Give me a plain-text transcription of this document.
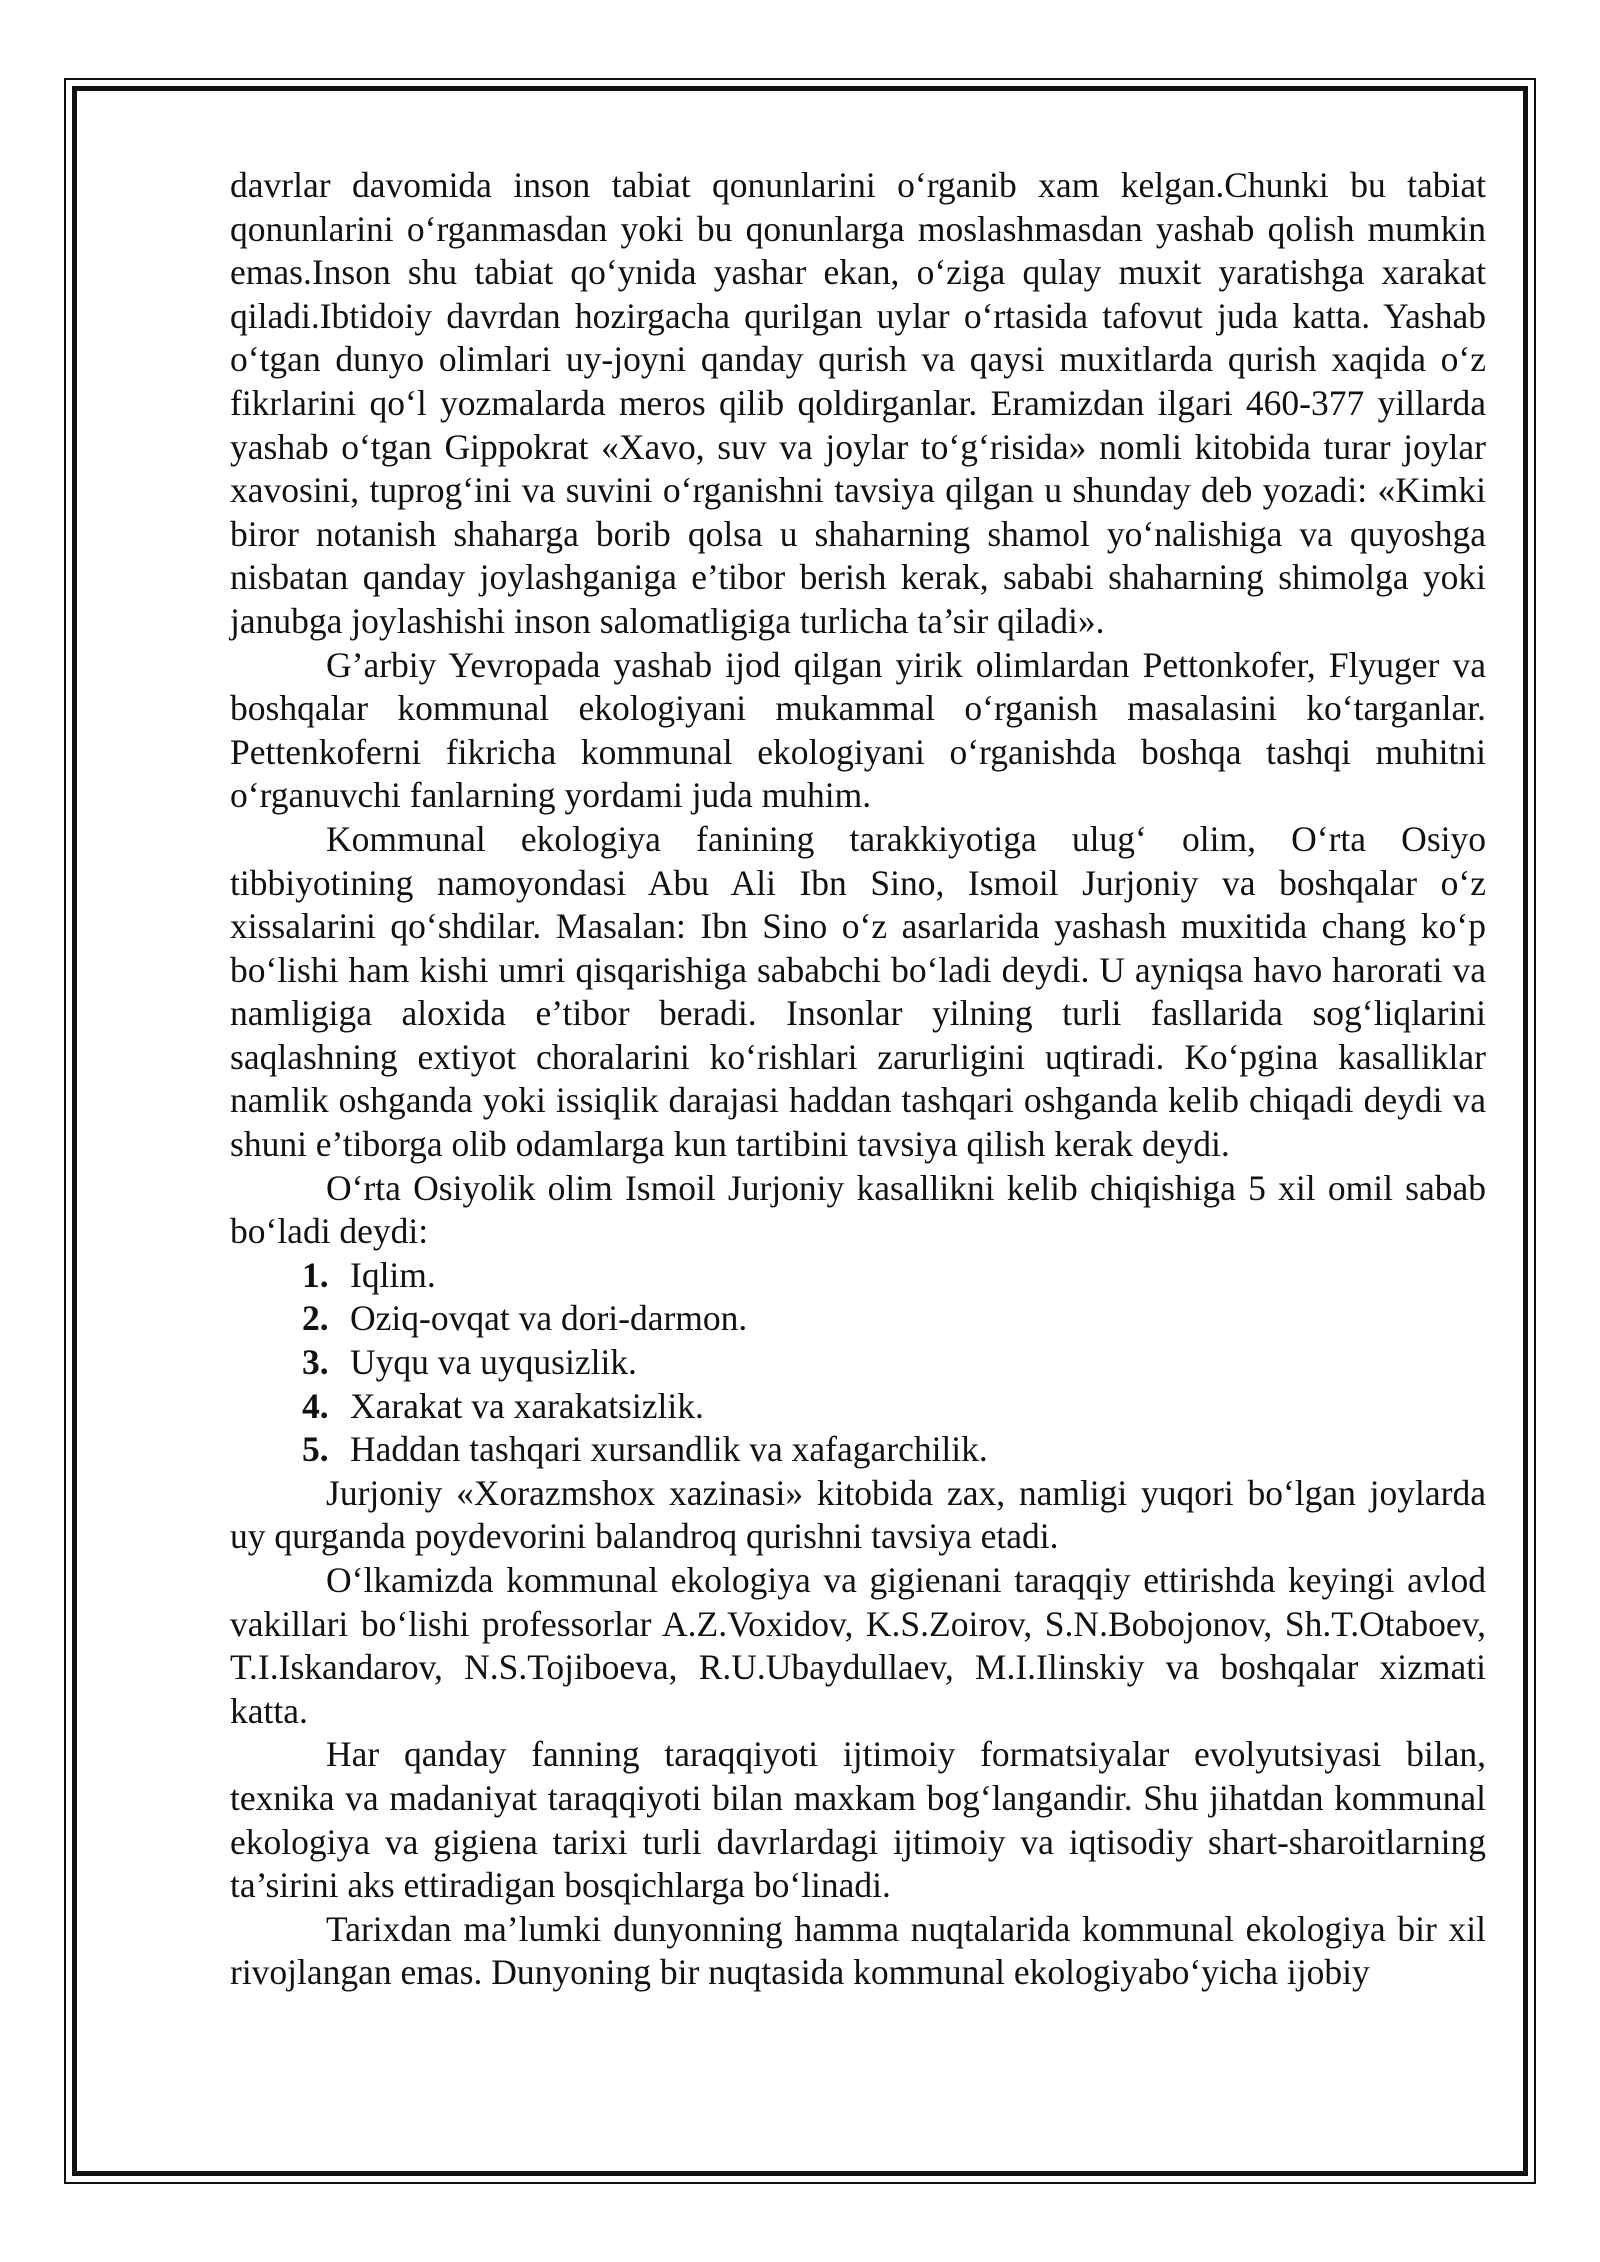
davrlar davomida inson tabiat qonunlarini o‘rganib xam kelgan.Chunki bu tabiat qonunlarini o‘rganmasdan yoki bu qonunlarga moslashmasdan yashab qolish mumkin emas.Inson shu tabiat qo‘ynida yashar ekan, o‘ziga qulay muxit yaratishga xarakat qiladi.Ibtidoiy davrdan hozirgacha qurilgan uylar o‘rtasida tafovut juda katta. Yashab o‘tgan dunyo olimlari uy-joyni qanday qurish va qaysi muxitlarda qurish xaqida o‘z fikrlarini qo‘l yozmalarda meros qilib qoldirganlar. Eramizdan ilgari 460-377 yillarda yashab o‘tgan Gippokrat «Xavo, suv va joylar to‘g‘risida» nomli kitobida turar joylar xavosini, tuprog‘ini va suvini o‘rganishni tavsiya qilgan u shunday deb yozadi: «Kimki biror notanish shaharga borib qolsa u shaharning shamol yo‘nalishiga va quyoshga nisbatan qanday joylashganiga e’tibor berish kerak, sababi shaharning shimolga yoki janubga joylashishi inson salomatligiga turlicha ta’sir qiladi».

G’arbiy Yevropada yashab ijod qilgan yirik olimlardan Pettonkofer, Flyuger va boshqalar kommunal ekologiyani mukammal o‘rganish masalasini ko‘targanlar. Pettenkoferni fikricha kommunal ekologiyani o‘rganishda boshqa tashqi muhitni o‘rganuvchi fanlarning yordami juda muhim.

Kommunal ekologiya fanining tarakkiyotiga ulug‘ olim, O‘rta Osiyo tibbiyotining namoyondasi Abu Ali Ibn Sino, Ismoil Jurjoniy va boshqalar o‘z xissalarini qo‘shdilar. Masalan: Ibn Sino o‘z asarlarida yashash muxitida chang ko‘p bo‘lishi ham kishi umri qisqarishiga sababchi bo‘ladi deydi. U ayniqsa havo harorati va namligiga aloxida e’tibor beradi. Insonlar yilning turli fasllarida sog‘liqlarini saqlashning extiyot choralarini ko‘rishlari zarurligini uqtiradi. Ko‘pgina kasalliklar namlik oshganda yoki issiqlik darajasi haddan tashqari oshganda kelib chiqadi deydi va shuni e’tiborga olib odamlarga kun tartibini tavsiya qilish kerak deydi.

O‘rta Osiyolik olim Ismoil Jurjoniy kasallikni kelib chiqishiga 5 xil omil sabab bo‘ladi deydi:

1. Iqlim.
2. Oziq-ovqat va dori-darmon.
3. Uyqu va uyqusizlik.
4. Xarakat va xarakatsizlik.
5. Haddan tashqari xursandlik va xafagarchilik.

Jurjoniy «Xorazmshox xazinasi» kitobida zax, namligi yuqori bo‘lgan joylarda uy qurganda poydevorini balandroq qurishni tavsiya etadi.

O‘lkamizda kommunal ekologiya va gigienani taraqqiy ettirishda keyingi avlod vakillari bo‘lishi professorlar A.Z.Voxidov, K.S.Zoirov, S.N.Bobojonov, Sh.T.Otaboev, T.I.Iskandarov, N.S.Tojiboeva, R.U.Ubaydullaev, M.I.Ilinskiy va boshqalar xizmati katta.

Har qanday fanning taraqqiyoti ijtimoiy formatsiyalar evolyutsiyasi bilan, texnika va madaniyat taraqqiyoti bilan maxkam bog‘langandir. Shu jihatdan kommunal ekologiya va gigiena tarixi turli davrlardagi ijtimoiy va iqtisodiy shart-sharoitlarning ta’sirini aks ettiradigan bosqichlarga bo‘linadi.

Tarixdan ma’lumki dunyonning hamma nuqtalarida kommunal ekologiya bir xil rivojlangan emas. Dunyoning bir nuqtasida kommunal ekologiyabo‘yicha ijobiy
